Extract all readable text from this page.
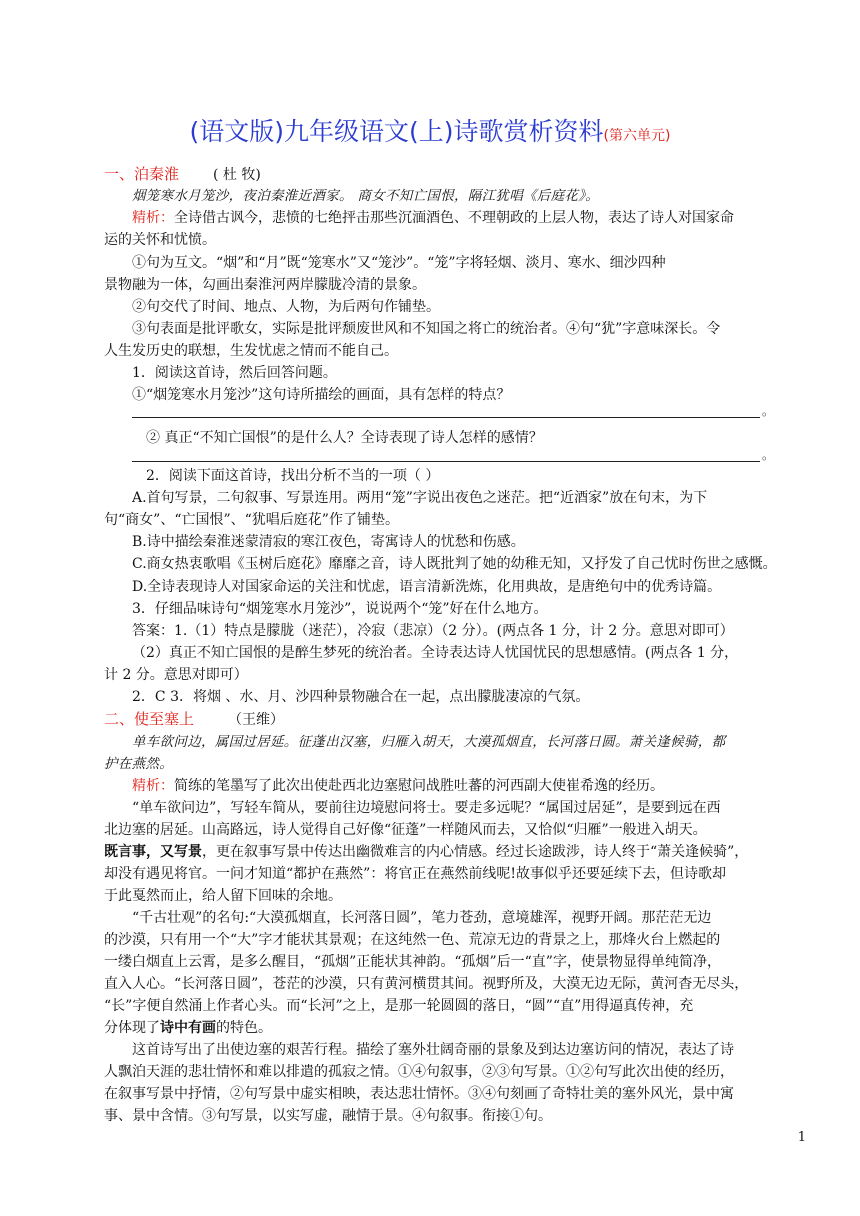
(语文版)九年级语文(上)诗歌赏析资料(第六单元)
一、泊秦淮 ( 杜 牧)
烟笼寒水月笼沙，夜泊秦淮近酒家。 商女不知亡国恨，隔江犹唱《后庭花》。
精析：全诗借古讽今，悲愤的七绝抨击那些沉湎酒色、不理朝政的上层人物，表达了诗人对国家命
运的关怀和忧愤。
①句为互文。“烟”和“月”既“笼寒水”又“笼沙”。“笼”字将轻烟、淡月、寒水、细沙四种
景物融为一体，勾画出秦淮河两岸朦胧冷清的景象。
②句交代了时间、地点、人物，为后两句作铺垫。
③句表面是批评歌女，实际是批评颓废世风和不知国之将亡的统治者。④句“犹”字意味深长。令
人生发历史的联想，生发忧虑之情而不能自己。
1．阅读这首诗，然后回答问题。
①“烟笼寒水月笼沙”这句诗所描绘的画面，具有怎样的特点？
。
② 真正“不知亡国恨”的是什么人？全诗表现了诗人怎样的感情？
。
2．阅读下面这首诗，找出分析不当的一项（ ）
A.首句写景，二句叙事、写景连用。两用“笼”字说出夜色之迷茫。把“近酒家”放在句末，为下
句“商女”、“亡国恨”、“犹唱后庭花”作了铺垫。
B.诗中描绘秦淮迷蒙清寂的寒江夜色，寄寓诗人的忧愁和伤感。
C.商女热衷歌唱《玉树后庭花》靡靡之音，诗人既批判了她的幼稚无知，又抒发了自己忧时伤世之感慨。
D.全诗表现诗人对国家命运的关注和忧虑，语言清新洗炼，化用典故，是唐绝句中的优秀诗篇。
3．仔细品味诗句“烟笼寒水月笼沙”，说说两个“笼”好在什么地方。
答案：1.（1）特点是朦胧（迷茫），冷寂（悲凉）（2 分）。(两点各 1 分，计 2 分。意思对即可）
（2）真正不知亡国恨的是醉生梦死的统治者。全诗表达诗人忧国忧民的思想感情。(两点各 1 分，
计 2 分。意思对即可）
2．C 3．将烟 、水、月、沙四种景物融合在一起，点出朦胧凄凉的气氛。
二、使至塞上 （王维）
单车欲问边，属国过居延。征蓬出汉塞，归雁入胡天，大漠孤烟直，长河落日圆。萧关逢候骑，都
护在燕然。
精析：简练的笔墨写了此次出使赴西北边塞慰问战胜吐蕃的河西副大使崔希逸的经历。
“单车欲问边”，写轻车简从，要前往边境慰问将士。要走多远呢？“属国过居延”，是要到远在西
北边塞的居延。山高路远，诗人觉得自己好像“征蓬”一样随风而去，又恰似“归雁”一般进入胡天。
既言事，又写景，更在叙事写景中传达出幽微难言的内心情感。经过长途跋涉，诗人终于“萧关逢候骑”，
却没有遇见将官。一问才知道“都护在燕然”：将官正在燕然前线呢!故事似乎还要延续下去，但诗歌却
于此戛然而止，给人留下回味的余地。
“千古壮观”的名句:“大漠孤烟直，长河落日圆”，笔力苍劲，意境雄浑，视野开阔。那茫茫无边
的沙漠，只有用一个“大”字才能状其景观；在这纯然一色、荒凉无边的背景之上，那烽火台上燃起的
一缕白烟直上云霄，是多么醒目，“孤烟”正能状其神韵。“孤烟”后一“直”字，使景物显得单纯简净，
直入人心。“长河落日圆”，苍茫的沙漠，只有黄河横贯其间。视野所及，大漠无边无际，黄河杳无尽头，
“长”字便自然涌上作者心头。而“长河”之上，是那一轮圆圆的落日，“圆”“直”用得逼真传神，充
分体现了诗中有画的特色。
这首诗写出了出使边塞的艰苦行程。描绘了塞外壮阔奇丽的景象及到达边塞访问的情况，表达了诗
人飘泊天涯的悲壮情怀和难以排遣的孤寂之情。①④句叙事，②③句写景。①②句写此次出使的经历，
在叙事写景中抒情，②句写景中虚实相映，表达悲壮情怀。③④句刻画了奇特壮美的塞外风光，景中寓
事、景中含情。③句写景，以实写虚，融情于景。④句叙事。衔接①句。
1
